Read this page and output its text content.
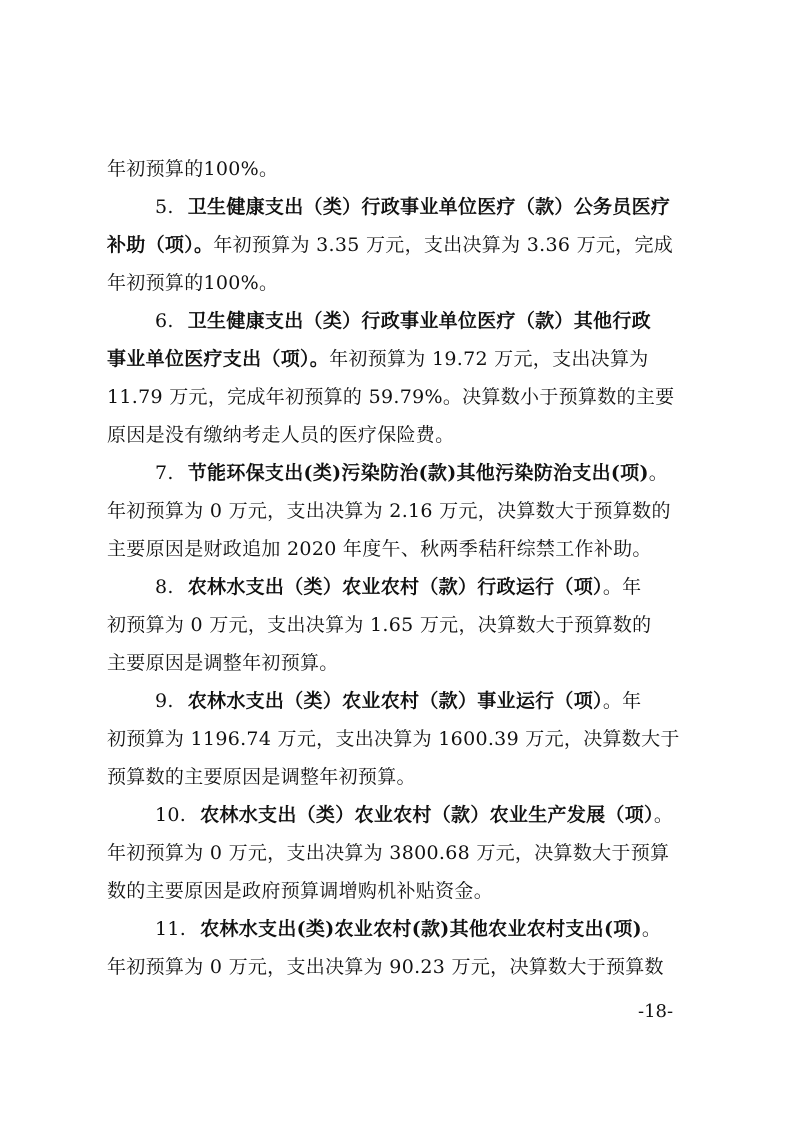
年初预算的100%。
5. 卫生健康支出（类）行政事业单位医疗（款）公务员医疗
补助（项）。年初预算为 3.35 万元，支出决算为 3.36 万元，完成
年初预算的100%。
6. 卫生健康支出（类）行政事业单位医疗（款）其他行政
事业单位医疗支出（项）。年初预算为 19.72 万元，支出决算为
11.79 万元，完成年初预算的 59.79%。决算数小于预算数的主要
原因是没有缴纳考走人员的医疗保险费。
7. 节能环保支出(类)污染防治(款)其他污染防治支出(项)。
年初预算为 0 万元，支出决算为 2.16 万元，决算数大于预算数的
主要原因是财政追加 2020 年度午、秋两季秸秆综禁工作补助。
8. 农林水支出（类）农业农村（款）行政运行（项）。年
初预算为 0 万元，支出决算为 1.65 万元，决算数大于预算数的
主要原因是调整年初预算。
9. 农林水支出（类）农业农村（款）事业运行（项）。年
初预算为 1196.74 万元，支出决算为 1600.39 万元，决算数大于
预算数的主要原因是调整年初预算。
10. 农林水支出（类）农业农村（款）农业生产发展（项）。
年初预算为 0 万元，支出决算为 3800.68 万元，决算数大于预算
数的主要原因是政府预算调增购机补贴资金。
11. 农林水支出(类)农业农村(款)其他农业农村支出(项)。
年初预算为 0 万元，支出决算为 90.23 万元，决算数大于预算数
-18-
